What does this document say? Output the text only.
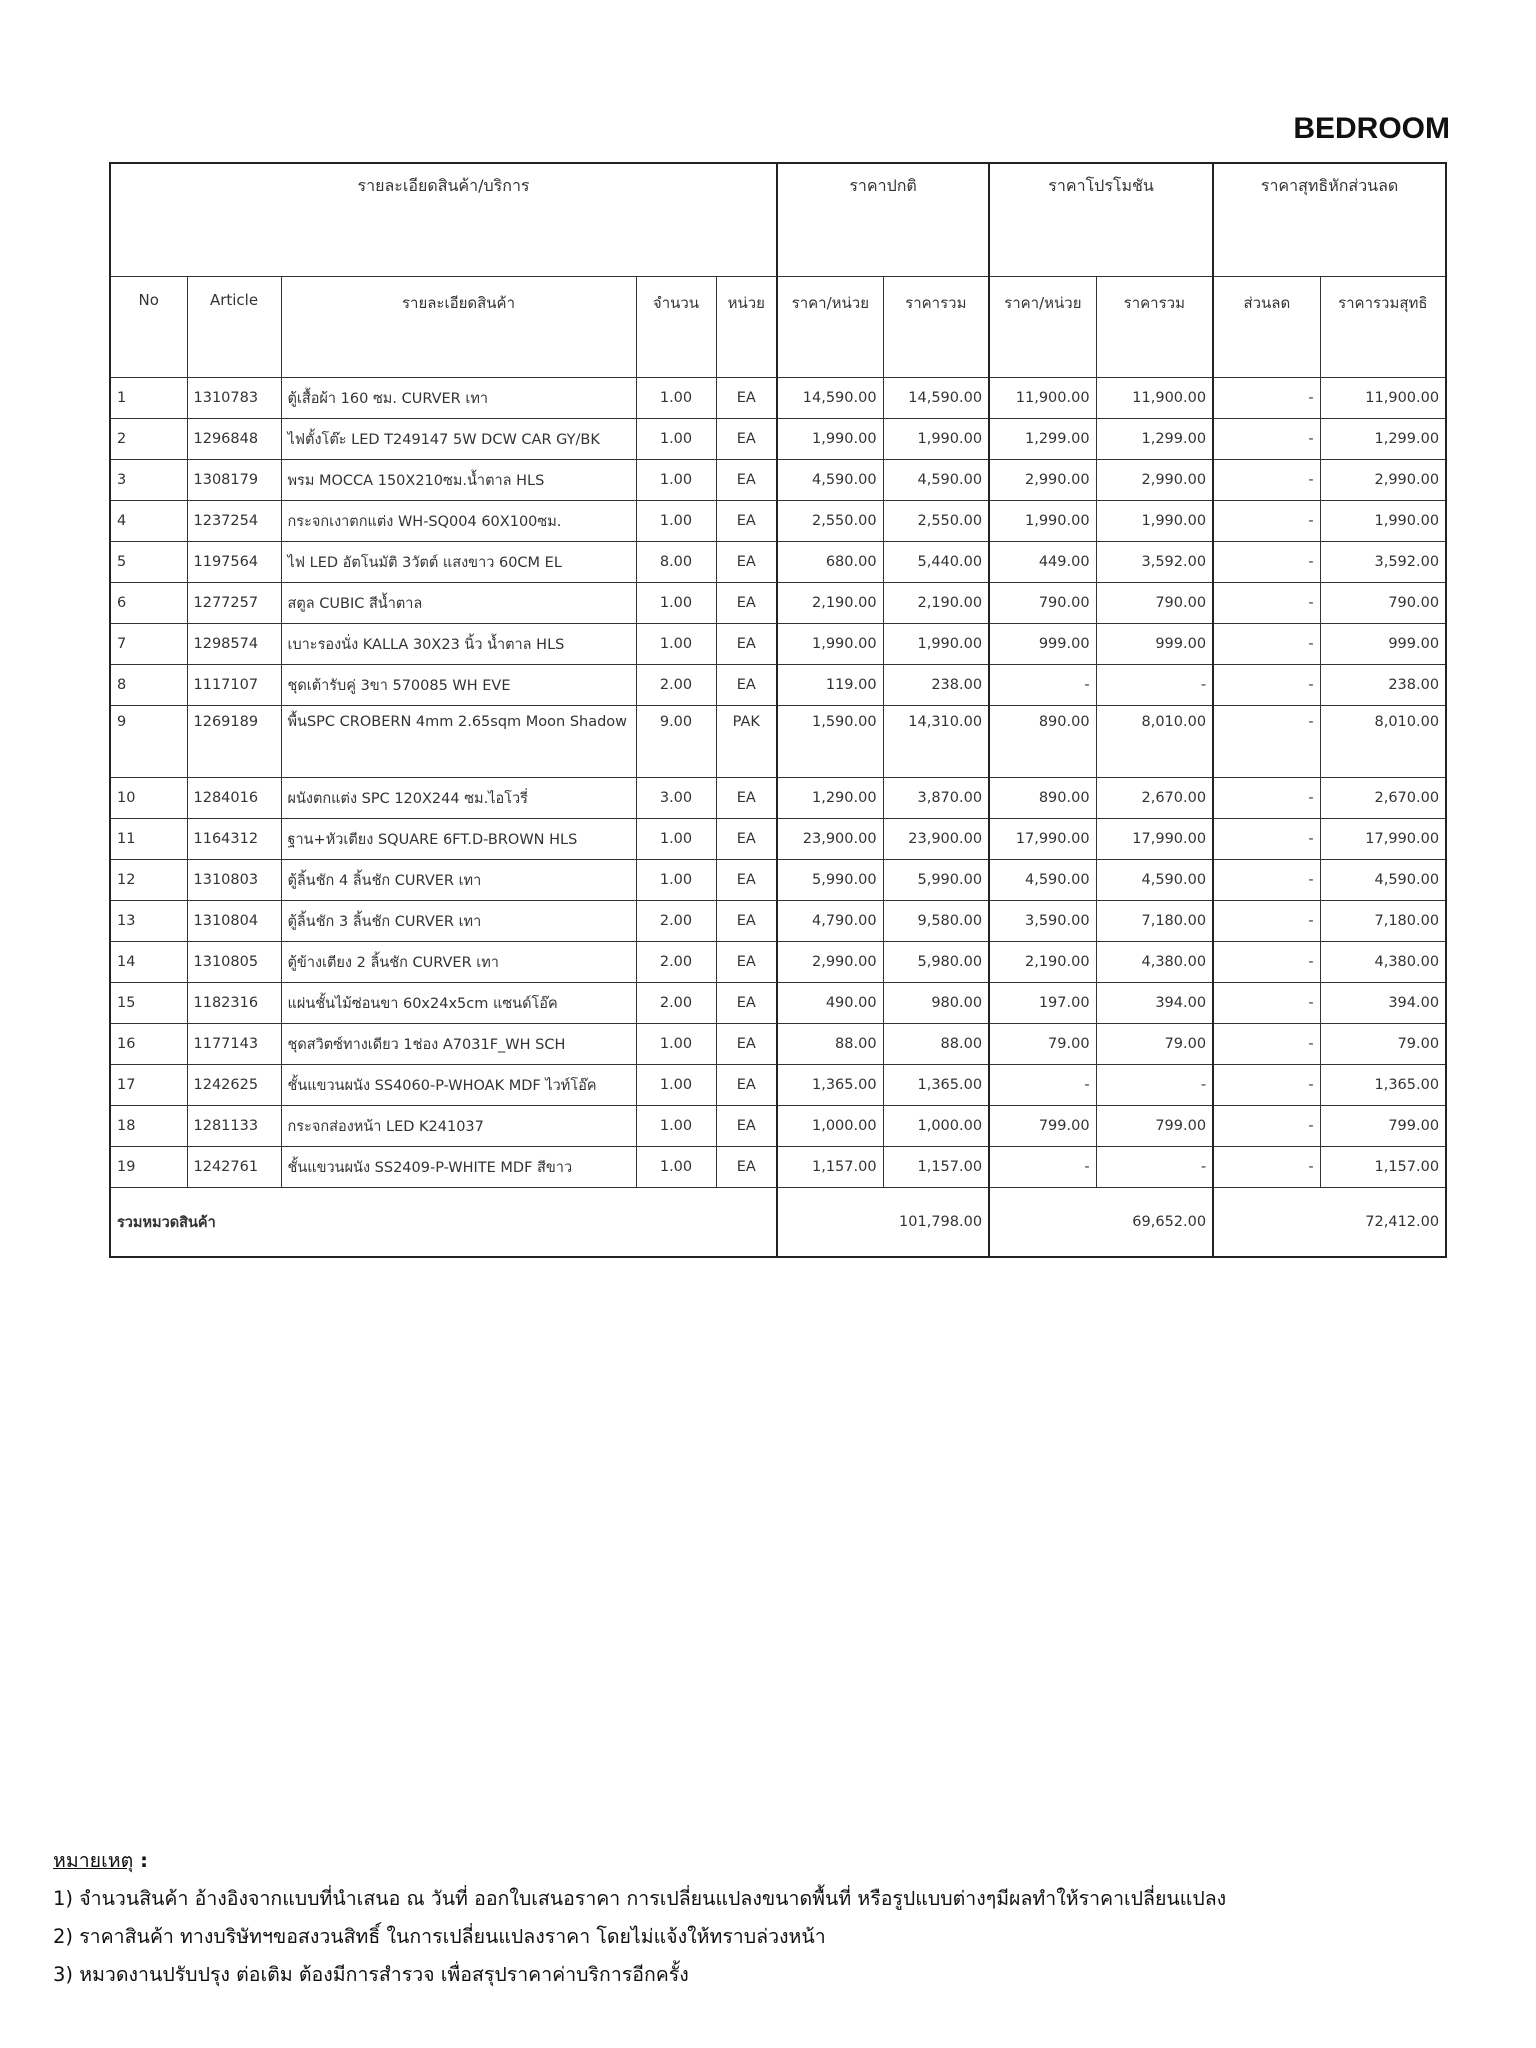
BEDROOM
รายละเอียดสินค้า/บริการ					ราคาปกติ		ราคาโปรโมชัน		ราคาสุทธิหักส่วนลด	
No	Article	รายละเอียดสินค้า	จำนวน	หน่วย	ราคา/หน่วย	ราคารวม	ราคา/หน่วย	ราคารวม	ส่วนลด	ราคารวมสุทธิ
1	1310783	ตู้เสื้อผ้า 160 ซม. CURVER เทา	1.00	EA	14,590.00	14,590.00	11,900.00	11,900.00	-	11,900.00
2	1296848	ไฟตั้งโต๊ะ LED T249147 5W DCW CAR GY/BK	1.00	EA	1,990.00	1,990.00	1,299.00	1,299.00	-	1,299.00
3	1308179	พรม MOCCA 150X210ซม.น้ำตาล HLS	1.00	EA	4,590.00	4,590.00	2,990.00	2,990.00	-	2,990.00
4	1237254	กระจกเงาตกแต่ง WH-SQ004 60X100ซม.	1.00	EA	2,550.00	2,550.00	1,990.00	1,990.00	-	1,990.00
5	1197564	ไฟ LED อัตโนมัติ 3วัตต์ แสงขาว 60CM EL	8.00	EA	680.00	5,440.00	449.00	3,592.00	-	3,592.00
6	1277257	สตูล CUBIC สีน้ำตาล	1.00	EA	2,190.00	2,190.00	790.00	790.00	-	790.00
7	1298574	เบาะรองนั่ง KALLA 30X23 นิ้ว น้ำตาล HLS	1.00	EA	1,990.00	1,990.00	999.00	999.00	-	999.00
8	1117107	ชุดเต้ารับคู่ 3ขา 570085 WH EVE	2.00	EA	119.00	238.00	-	-	-	238.00
9	1269189	พื้นSPC CROBERN 4mm 2.65sqm Moon Shadow	9.00	PAK	1,590.00	14,310.00	890.00	8,010.00	-	8,010.00
10	1284016	ผนังตกแต่ง SPC 120X244 ซม.ไอโวรี่	3.00	EA	1,290.00	3,870.00	890.00	2,670.00	-	2,670.00
11	1164312	ฐาน+หัวเตียง SQUARE 6FT.D-BROWN HLS	1.00	EA	23,900.00	23,900.00	17,990.00	17,990.00	-	17,990.00
12	1310803	ตู้ลิ้นชัก 4 ลิ้นชัก CURVER เทา	1.00	EA	5,990.00	5,990.00	4,590.00	4,590.00	-	4,590.00
13	1310804	ตู้ลิ้นชัก 3 ลิ้นชัก CURVER เทา	2.00	EA	4,790.00	9,580.00	3,590.00	7,180.00	-	7,180.00
14	1310805	ตู้ข้างเตียง 2 ลิ้นชัก CURVER เทา	2.00	EA	2,990.00	5,980.00	2,190.00	4,380.00	-	4,380.00
15	1182316	แผ่นชั้นไม้ซ่อนขา 60x24x5cm แซนด์โอ๊ค	2.00	EA	490.00	980.00	197.00	394.00	-	394.00
16	1177143	ชุดสวิตซ์ทางเดียว 1ช่อง A7031F_WH SCH	1.00	EA	88.00	88.00	79.00	79.00	-	79.00
17	1242625	ชั้นแขวนผนัง SS4060-P-WHOAK MDF ไวท์โอ๊ค	1.00	EA	1,365.00	1,365.00	-	-	-	1,365.00
18	1281133	กระจกส่องหน้า LED K241037	1.00	EA	1,000.00	1,000.00	799.00	799.00	-	799.00
19	1242761	ชั้นแขวนผนัง SS2409-P-WHITE MDF สีขาว	1.00	EA	1,157.00	1,157.00	-	-	-	1,157.00
รวมหมวดสินค้า					101,798.00		69,652.00		72,412.00	
หมายเหตุ :
1) จำนวนสินค้า อ้างอิงจากแบบที่นำเสนอ ณ วันที่ ออกใบเสนอราคา การเปลี่ยนแปลงขนาดพื้นที่ หรือรูปแบบต่างๆมีผลทำให้ราคาเปลี่ยนแปลง
2) ราคาสินค้า ทางบริษัทฯขอสงวนสิทธิ์ ในการเปลี่ยนแปลงราคา โดยไม่แจ้งให้ทราบล่วงหน้า
3) หมวดงานปรับปรุง ต่อเติม ต้องมีการสำรวจ เพื่อสรุปราคาค่าบริการอีกครั้ง
